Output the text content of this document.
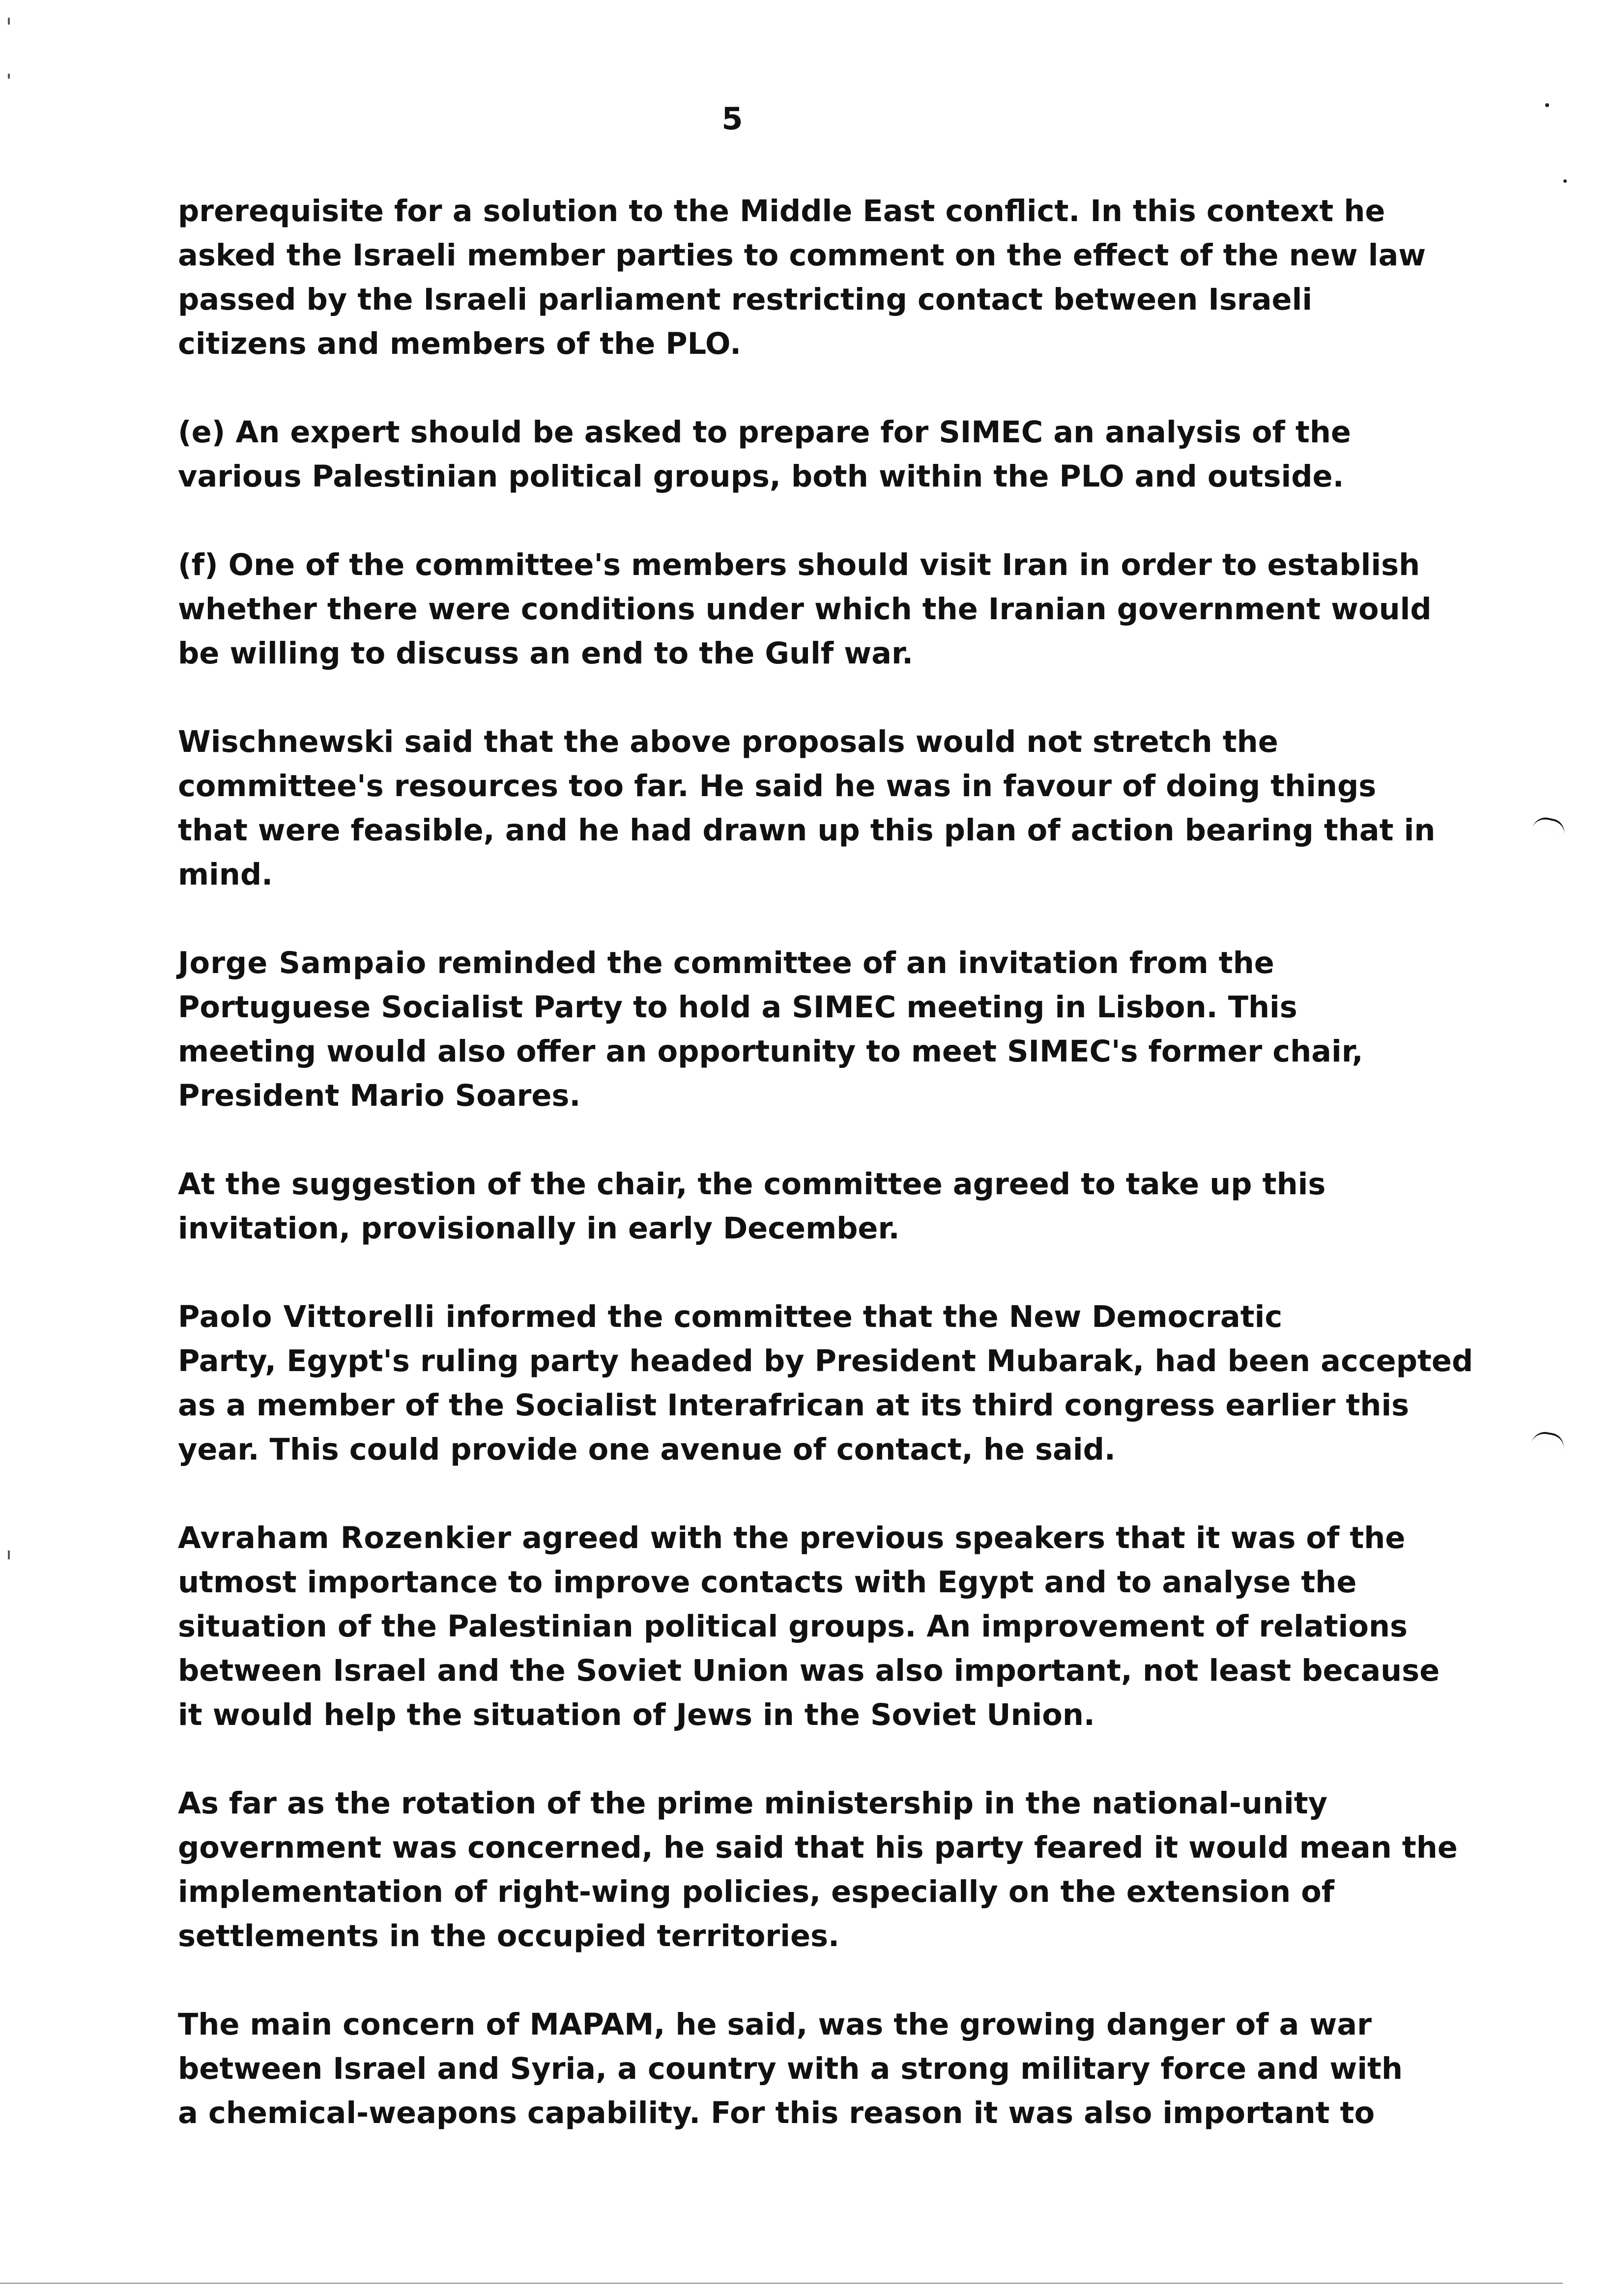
5

prerequisite for a solution to the Middle East conflict. In this context he
asked the Israeli member parties to comment on the effect of the new law
passed by the Israeli parliament restricting contact between Israeli
citizens and members of the PLO.

(e) An expert should be asked to prepare for SIMEC an analysis of the
various Palestinian political groups, both within the PLO and outside.

(f) One of the committee's members should visit Iran in order to establish
whether there were conditions under which the Iranian government would
be willing to discuss an end to the Gulf war.

Wischnewski said that the above proposals would not stretch the
committee's resources too far. He said he was in favour of doing things
that were feasible, and he had drawn up this plan of action bearing that in
mind.

Jorge Sampaio reminded the committee of an invitation from the
Portuguese Socialist Party to hold a SIMEC meeting in Lisbon. This
meeting would also offer an opportunity to meet SIMEC's former chair,
President Mario Soares.

At the suggestion of the chair, the committee agreed to take up this
invitation, provisionally in early December.

Paolo Vittorelli informed the committee that the New Democratic
Party, Egypt's ruling party headed by President Mubarak, had been accepted
as a member of the Socialist Interafrican at its third congress earlier this
year. This could provide one avenue of contact, he said.

Avraham Rozenkier agreed with the previous speakers that it was of the
utmost importance to improve contacts with Egypt and to analyse the
situation of the Palestinian political groups. An improvement of relations
between Israel and the Soviet Union was also important, not least because
it would help the situation of Jews in the Soviet Union.

As far as the rotation of the prime ministership in the national-unity
government was concerned, he said that his party feared it would mean the
implementation of right-wing policies, especially on the extension of
settlements in the occupied territories.

The main concern of MAPAM, he said, was the growing danger of a war
between Israel and Syria, a country with a strong military force and with
a chemical-weapons capability. For this reason it was also important to
